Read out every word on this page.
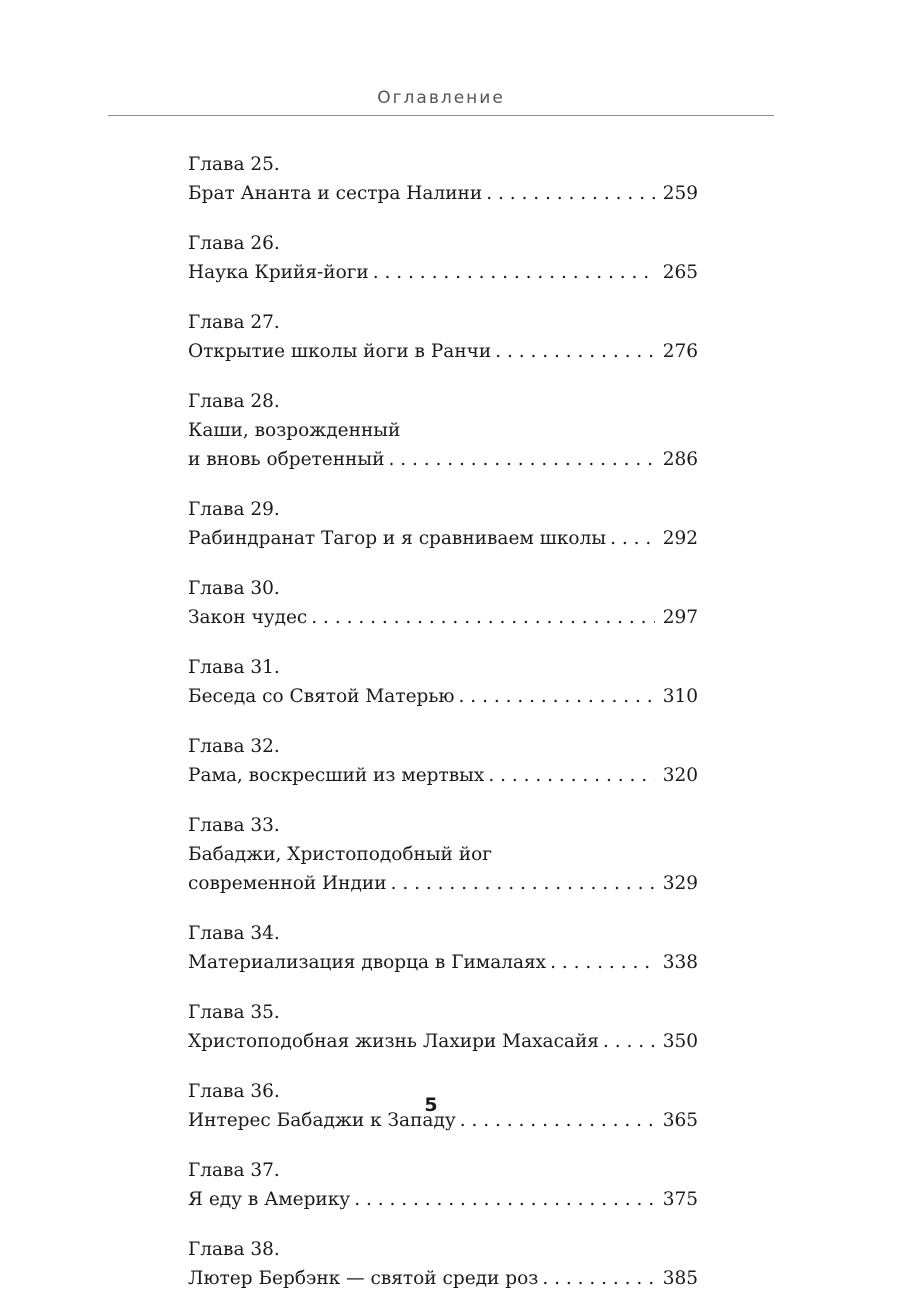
Оглавление
Глава 25.
Брат Ананта и сестра Налини . . .	259
Глава 26.
Наука Крийя-йоги . . .	265
Глава 27.
Открытие школы йоги в Ранчи . . .	276
Глава 28.
Каши, возрожденный
и вновь обретенный . . .	286
Глава 29.
Рабиндранат Тагор и я сравниваем школы . . .	292
Глава 30.
Закон чудес . . .	297
Глава 31.
Беседа со Святой Матерью . . .	310
Глава 32.
Рама, воскресший из мертвых . . .	320
Глава 33.
Бабаджи, Христоподобный йог
современной Индии . . .	329
Глава 34.
Материализация дворца в Гималаях . . .	338
Глава 35.
Христоподобная жизнь Лахири Махасайя . . .	350
Глава 36.
Интерес Бабаджи к Западу . . .	365
Глава 37.
Я еду в Америку . . .	375
Глава 38.
Лютер Бербэнк — святой среди роз . . .	385
5
